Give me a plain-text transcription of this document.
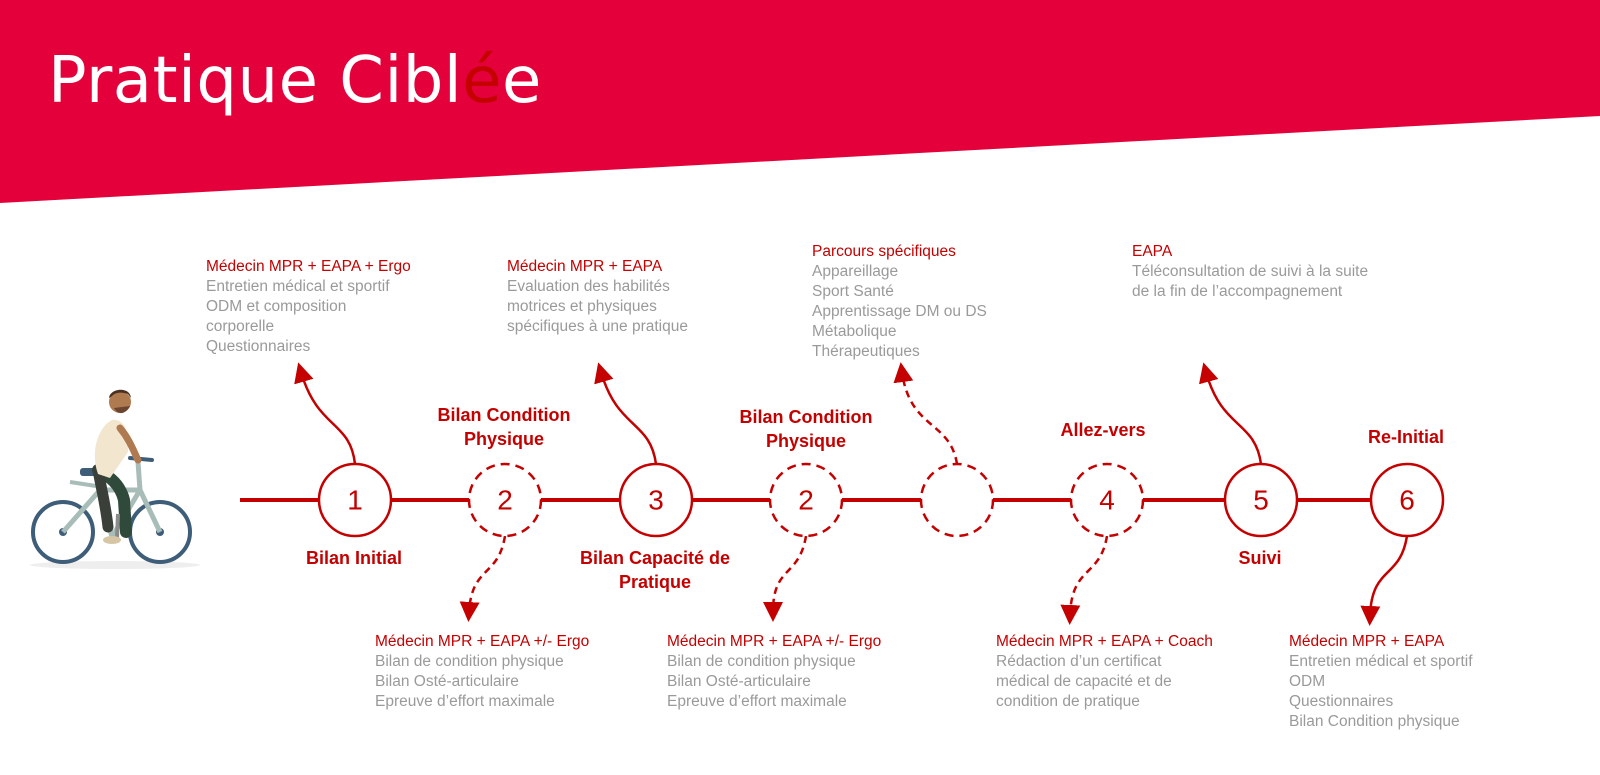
Pratique Ciblée
1	2	3	2	4	5	6
Bilan Initial
Bilan Condition Physique
Bilan Capacité de Pratique
Bilan Condition Physique
Allez-vers
Suivi
Re-Initial
Médecin MPR + EAPA + Ergo
Entretien médical et sportif
ODM et composition
corporelle
Questionnaires
Médecin MPR + EAPA
Evaluation des habilités
motrices et physiques
spécifiques à une pratique
Parcours spécifiques
Appareillage
Sport Santé
Apprentissage DM ou DS
Métabolique
Thérapeutiques
EAPA
Téléconsultation de suivi à la suite
de la fin de l’accompagnement
Médecin MPR + EAPA +/- Ergo
Bilan de condition physique
Bilan Osté-articulaire
Epreuve d’effort maximale
Médecin MPR + EAPA +/- Ergo
Bilan de condition physique
Bilan Osté-articulaire
Epreuve d’effort maximale
Médecin MPR + EAPA + Coach
Rédaction d’un certificat
médical de capacité et de
condition de pratique
Médecin MPR + EAPA
Entretien médical et sportif
ODM
Questionnaires
Bilan Condition physique
